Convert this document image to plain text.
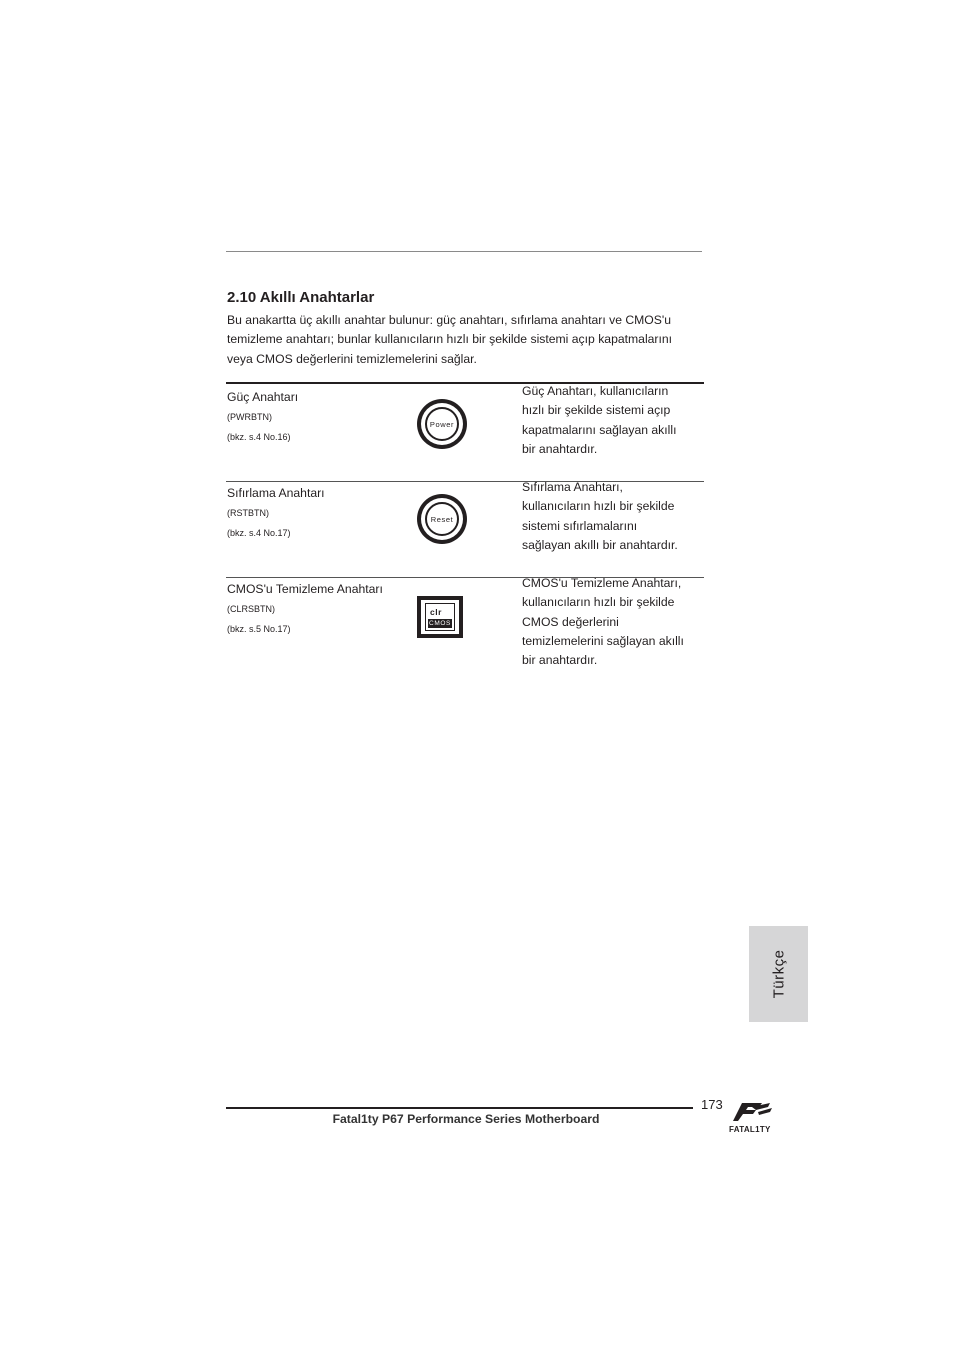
2.10 Akıllı Anahtarlar

Bu anakartta üç akıllı anahtar bulunur: güç anahtarı, sıfırlama anahtarı ve CMOS'u
temizleme anahtarı; bunlar kullanıcıların hızlı bir şekilde sistemi açıp kapatmalarını
veya CMOS değerlerini temizlemelerini sağlar.

Güç Anahtarı
(PWRBTN)
(bkz. s.4 No.16)
Güç Anahtarı, kullanıcıların
hızlı bir şekilde sistemi açıp
kapatmalarını sağlayan akıllı
bir anahtardır.
Power
Sıfırlama Anahtarı
(RSTBTN)
(bkz. s.4 No.17)
Sıfırlama Anahtarı,
kullanıcıların hızlı bir şekilde
sistemi sıfırlamalarını
sağlayan akıllı bir anahtardır.
Reset
CMOS'u Temizleme Anahtarı
(CLRSBTN)
(bkz. s.5 No.17)
CMOS'u Temizleme Anahtarı,
kullanıcıların hızlı bir şekilde
CMOS değerlerini
temizlemelerini sağlayan akıllı
bir anahtardır.
clr
CMOS
Türkçe
173
Fatal1ty P67 Performance Series Motherboard
FATAL1TY
